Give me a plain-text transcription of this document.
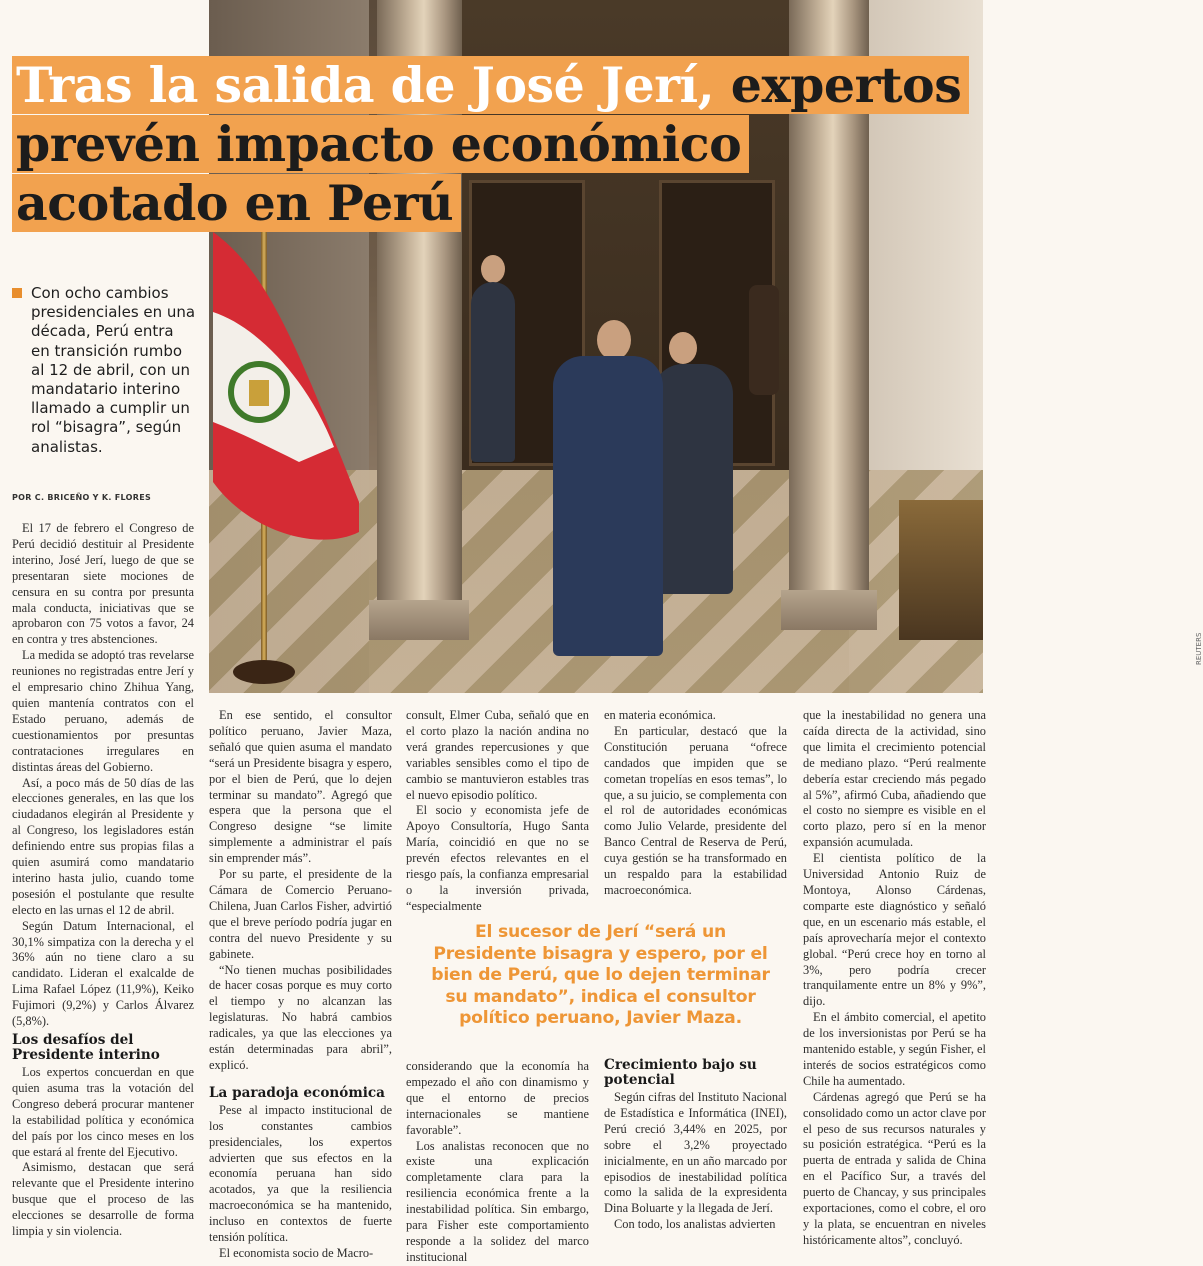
REUTERS
Tras la salida de José Jerí, expertos
prevén impacto económico
acotado en Perú

Con ocho cambios presidenciales en una década, Perú entra en transición rumbo al 12 de abril, con un mandatario interino llamado a cumplir un rol “bisagra”, según analistas.

POR C. BRICEÑO Y K. FLORES

El 17 de febrero el Congreso de Perú decidió destituir al Presidente interino, José Jerí, luego de que se presentaran siete mociones de censura en su contra por presunta mala conducta, iniciativas que se aprobaron con 75 votos a favor, 24 en contra y tres abstenciones.

La medida se adoptó tras revelarse reuniones no registradas entre Jerí y el empresario chino Zhihua Yang, quien mantenía contratos con el Estado peruano, además de cuestionamientos por presuntas contrataciones irregulares en distintas áreas del Gobierno.

Así, a poco más de 50 días de las elecciones generales, en las que los ciudadanos elegirán al Presidente y al Congreso, los legisladores están definiendo entre sus propias filas a quien asumirá como mandatario interino hasta julio, cuando tome posesión el postulante que resulte electo en las urnas el 12 de abril.

Según Datum Internacional, el 30,1% simpatiza con la derecha y el 36% aún no tiene claro a su candidato. Lideran el exalcalde de Lima Rafael López (11,9%), Keiko Fujimori (9,2%) y Carlos Álvarez (5,8%).

Los desafíos del Presidente interino

Los expertos concuerdan en que quien asuma tras la votación del Congreso deberá procurar mantener la estabilidad política y económica del país por los cinco meses en los que estará al frente del Ejecutivo.

Asimismo, destacan que será relevante que el Presidente interino busque que el proceso de las elecciones se desarrolle de forma limpia y sin violencia.

En ese sentido, el consultor político peruano, Javier Maza, señaló que quien asuma el mandato “será un Presidente bisagra y espero, por el bien de Perú, que lo dejen terminar su mandato”. Agregó que espera que la persona que el Congreso designe “se limite simplemente a administrar el país sin emprender más”.

Por su parte, el presidente de la Cámara de Comercio Peruano-Chilena, Juan Carlos Fisher, advirtió que el breve período podría jugar en contra del nuevo Presidente y su gabinete.

“No tienen muchas posibilidades de hacer cosas porque es muy corto el tiempo y no alcanzan las legislaturas. No habrá cambios radicales, ya que las elecciones ya están determinadas para abril”, explicó.

La paradoja económica

Pese al impacto institucional de los constantes cambios presidenciales, los expertos advierten que sus efectos en la economía peruana han sido acotados, ya que la resiliencia macroeconómica se ha mantenido, incluso en contextos de fuerte tensión política.

El economista socio de Macro-

consult, Elmer Cuba, señaló que en el corto plazo la nación andina no verá grandes repercusiones y que variables sensibles como el tipo de cambio se mantuvieron estables tras el nuevo episodio político.

El socio y economista jefe de Apoyo Consultoría, Hugo Santa María, coincidió en que no se prevén efectos relevantes en el riesgo país, la confianza empresarial o la inversión privada, “especialmente

considerando que la economía ha empezado el año con dinamismo y que el entorno de precios internacionales se mantiene favorable”.

Los analistas reconocen que no existe una explicación completamente clara para la resiliencia económica frente a la inestabilidad política. Sin embargo, para Fisher este comportamiento responde a la solidez del marco institucional

en materia económica.

En particular, destacó que la Constitución peruana “ofrece candados que impiden que se cometan tropelías en esos temas”, lo que, a su juicio, se complementa con el rol de autoridades económicas como Julio Velarde, presidente del Banco Central de Reserva de Perú, cuya gestión se ha transformado en un respaldo para la estabilidad macroeconómica.

Crecimiento bajo su potencial

Según cifras del Instituto Nacional de Estadística e Informática (INEI), Perú creció 3,44% en 2025, por sobre el 3,2% proyectado inicialmente, en un año marcado por episodios de inestabilidad política como la salida de la expresidenta Dina Boluarte y la llegada de Jerí.

Con todo, los analistas advierten

que la inestabilidad no genera una caída directa de la actividad, sino que limita el crecimiento potencial de mediano plazo. “Perú realmente debería estar creciendo más pegado al 5%”, afirmó Cuba, añadiendo que el costo no siempre es visible en el corto plazo, pero sí en la menor expansión acumulada.

El cientista político de la Universidad Antonio Ruiz de Montoya, Alonso Cárdenas, comparte este diagnóstico y señaló que, en un escenario más estable, el país aprovecharía mejor el contexto global. “Perú crece hoy en torno al 3%, pero podría crecer tranquilamente entre un 8% y 9%”, dijo.

En el ámbito comercial, el apetito de los inversionistas por Perú se ha mantenido estable, y según Fisher, el interés de socios estratégicos como Chile ha aumentado.

Cárdenas agregó que Perú se ha consolidado como un actor clave por el peso de sus recursos naturales y su posición estratégica. “Perú es la puerta de entrada y salida de China en el Pacífico Sur, a través del puerto de Chancay, y sus principales exportaciones, como el cobre, el oro y la plata, se encuentran en niveles históricamente altos”, concluyó.

El sucesor de Jerí “será un Presidente bisagra y espero, por el bien de Perú, que lo dejen terminar su mandato”, indica el consultor político peruano, Javier Maza.
